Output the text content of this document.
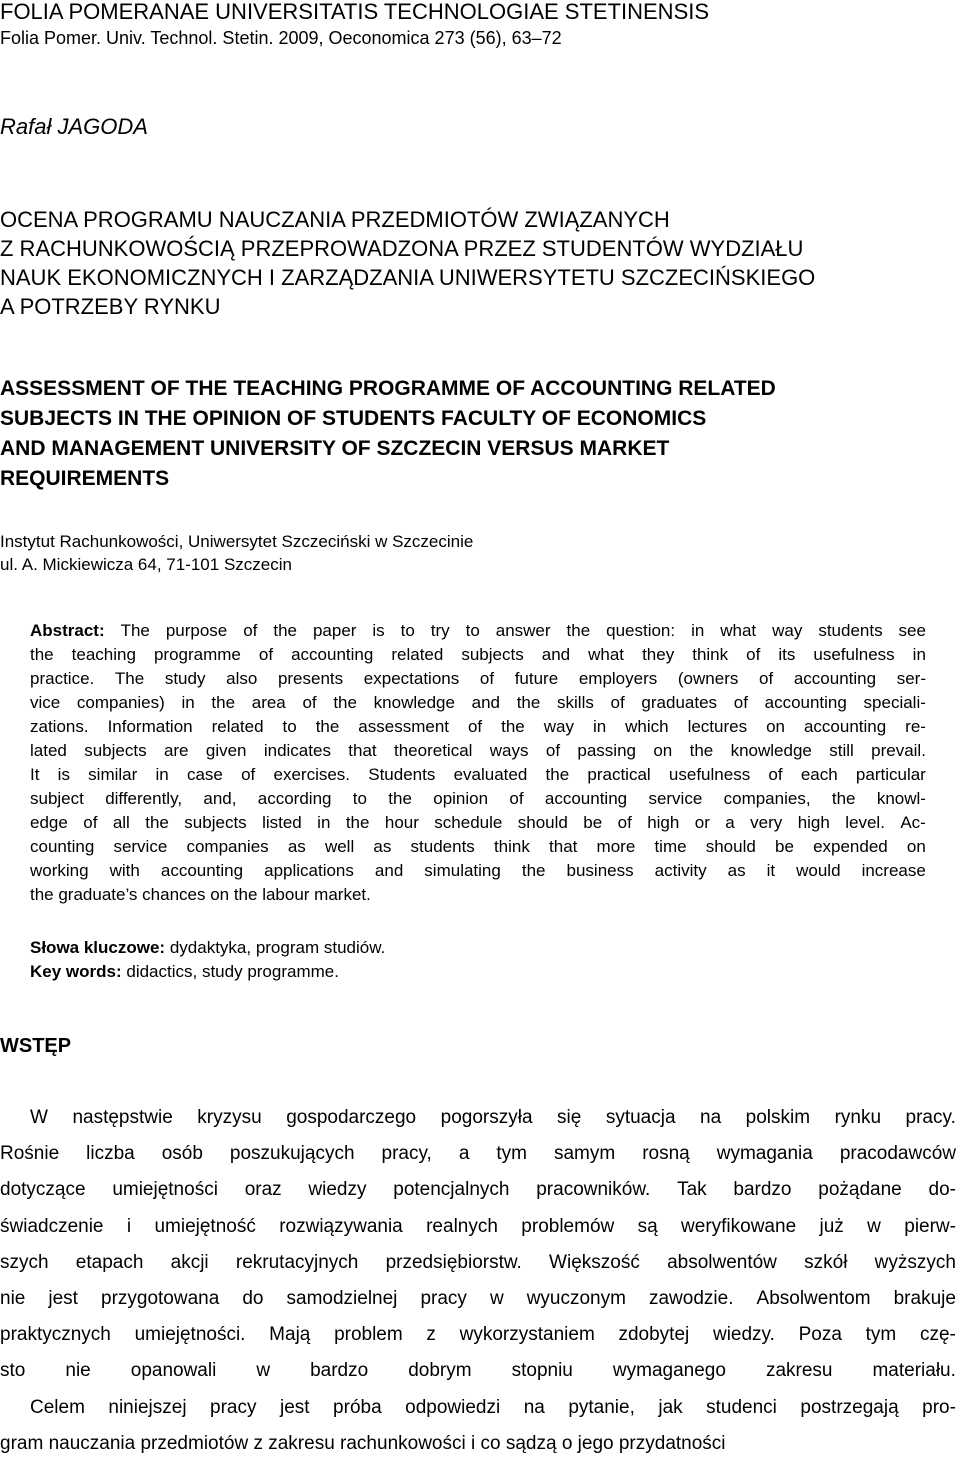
FOLIA POMERANAE UNIVERSITATIS TECHNOLOGIAE STETINENSIS
Folia Pomer. Univ. Technol. Stetin. 2009, Oeconomica 273 (56), 63–72
Rafał JAGODA
OCENA PROGRAMU NAUCZANIA PRZEDMIOTÓW ZWIĄZANYCH
Z RACHUNKOWOŚCIĄ PRZEPROWADZONA PRZEZ STUDENTÓW WYDZIAŁU
NAUK EKONOMICZNYCH I ZARZĄDZANIA UNIWERSYTETU SZCZECIŃSKIEGO
A POTRZEBY RYNKU
ASSESSMENT OF THE TEACHING PROGRAMME OF ACCOUNTING RELATED
SUBJECTS IN THE OPINION OF STUDENTS FACULTY OF ECONOMICS
AND MANAGEMENT UNIVERSITY OF SZCZECIN VERSUS MARKET
REQUIREMENTS
Instytut Rachunkowości, Uniwersytet Szczeciński w Szczecinie
ul. A. Mickiewicza 64, 71-101 Szczecin
Abstract: The purpose of the paper is to try to answer the question: in what way students see
the teaching programme of accounting related subjects and what they think of its usefulness in
practice. The study also presents expectations of future employers (owners of accounting ser-
vice companies) in the area of the knowledge and the skills of graduates of accounting speciali-
zations. Information related to the assessment of the way in which lectures on accounting re-
lated subjects are given indicates that theoretical ways of passing on the knowledge still prevail.
It is similar in case of exercises. Students evaluated the practical usefulness of each particular
subject differently, and, according to the opinion of accounting service companies, the knowl-
edge of all the subjects listed in the hour schedule should be of high or a very high level. Ac-
counting service companies as well as students think that more time should be expended on
working with accounting applications and simulating the business activity as it would increase
the graduate’s chances on the labour market.
Słowa kluczowe: dydaktyka, program studiów.
Key words: didactics, study programme.
WSTĘP
W następstwie kryzysu gospodarczego pogorszyła się sytuacja na polskim rynku pracy.
Rośnie liczba osób poszukujących pracy, a tym samym rosną wymagania pracodawców
dotyczące umiejętności oraz wiedzy potencjalnych pracowników. Tak bardzo pożądane do-
świadczenie i umiejętność rozwiązywania realnych problemów są weryfikowane już w pierw-
szych etapach akcji rekrutacyjnych przedsiębiorstw. Większość absolwentów szkół wyższych
nie jest przygotowana do samodzielnej pracy w wyuczonym zawodzie. Absolwentom brakuje
praktycznych umiejętności. Mają problem z wykorzystaniem zdobytej wiedzy. Poza tym czę-
sto nie opanowali w bardzo dobrym stopniu wymaganego zakresu materiału.
Celem niniejszej pracy jest próba odpowiedzi na pytanie, jak studenci postrzegają pro-
gram nauczania przedmiotów z zakresu rachunkowości i co sądzą o jego przydatności
